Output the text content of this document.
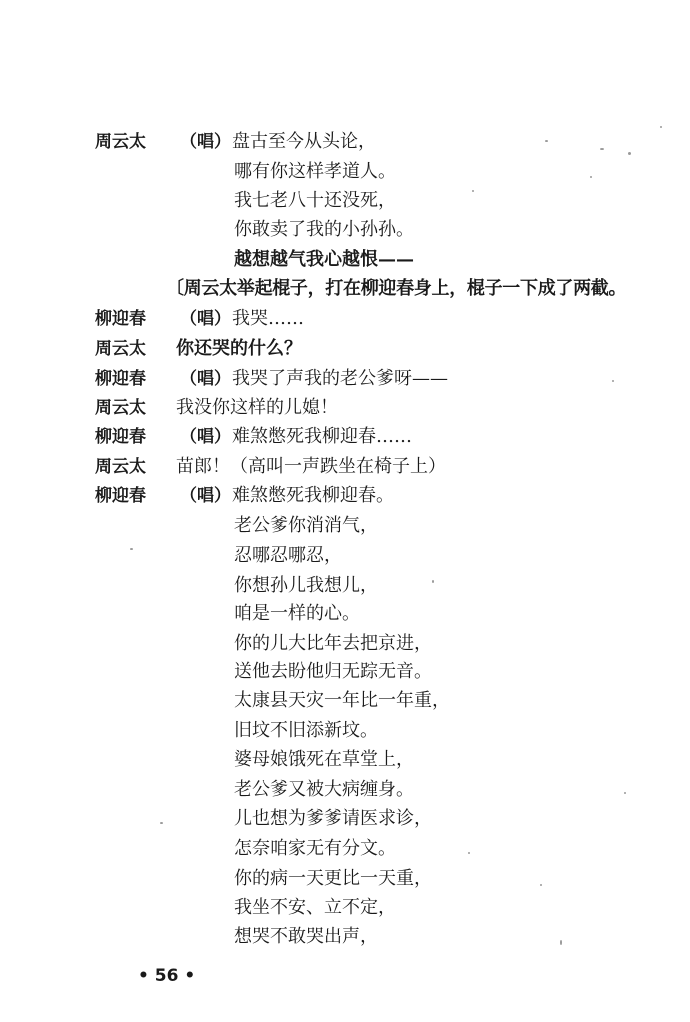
周云太 （唱） 盘古至今从头论，
哪有你这样孝道人。
我七老八十还没死，
你敢卖了我的小孙孙。
越想越气我心越恨——
〔周云太举起棍子，打在柳迎春身上，棍子一下成了两截。
柳迎春 （唱） 我哭……
周云太 你还哭的什么？
柳迎春 （唱） 我哭了声我的老公爹呀——
周云太 我没你这样的儿媳！
柳迎春 （唱） 难煞憋死我柳迎春……
周云太 苗郎！（高叫一声跌坐在椅子上）
柳迎春 （唱） 难煞憋死我柳迎春。
老公爹你消消气，
忍哪忍哪忍，
你想孙儿我想儿，
咱是一样的心。
你的儿大比年去把京进，
送他去盼他归无踪无音。
太康县天灾一年比一年重，
旧坟不旧添新坟。
婆母娘饿死在草堂上，
老公爹又被大病缠身。
儿也想为爹爹请医求诊，
怎奈咱家无有分文。
你的病一天更比一天重，
我坐不安、立不定，
想哭不敢哭出声，
• 56 •
